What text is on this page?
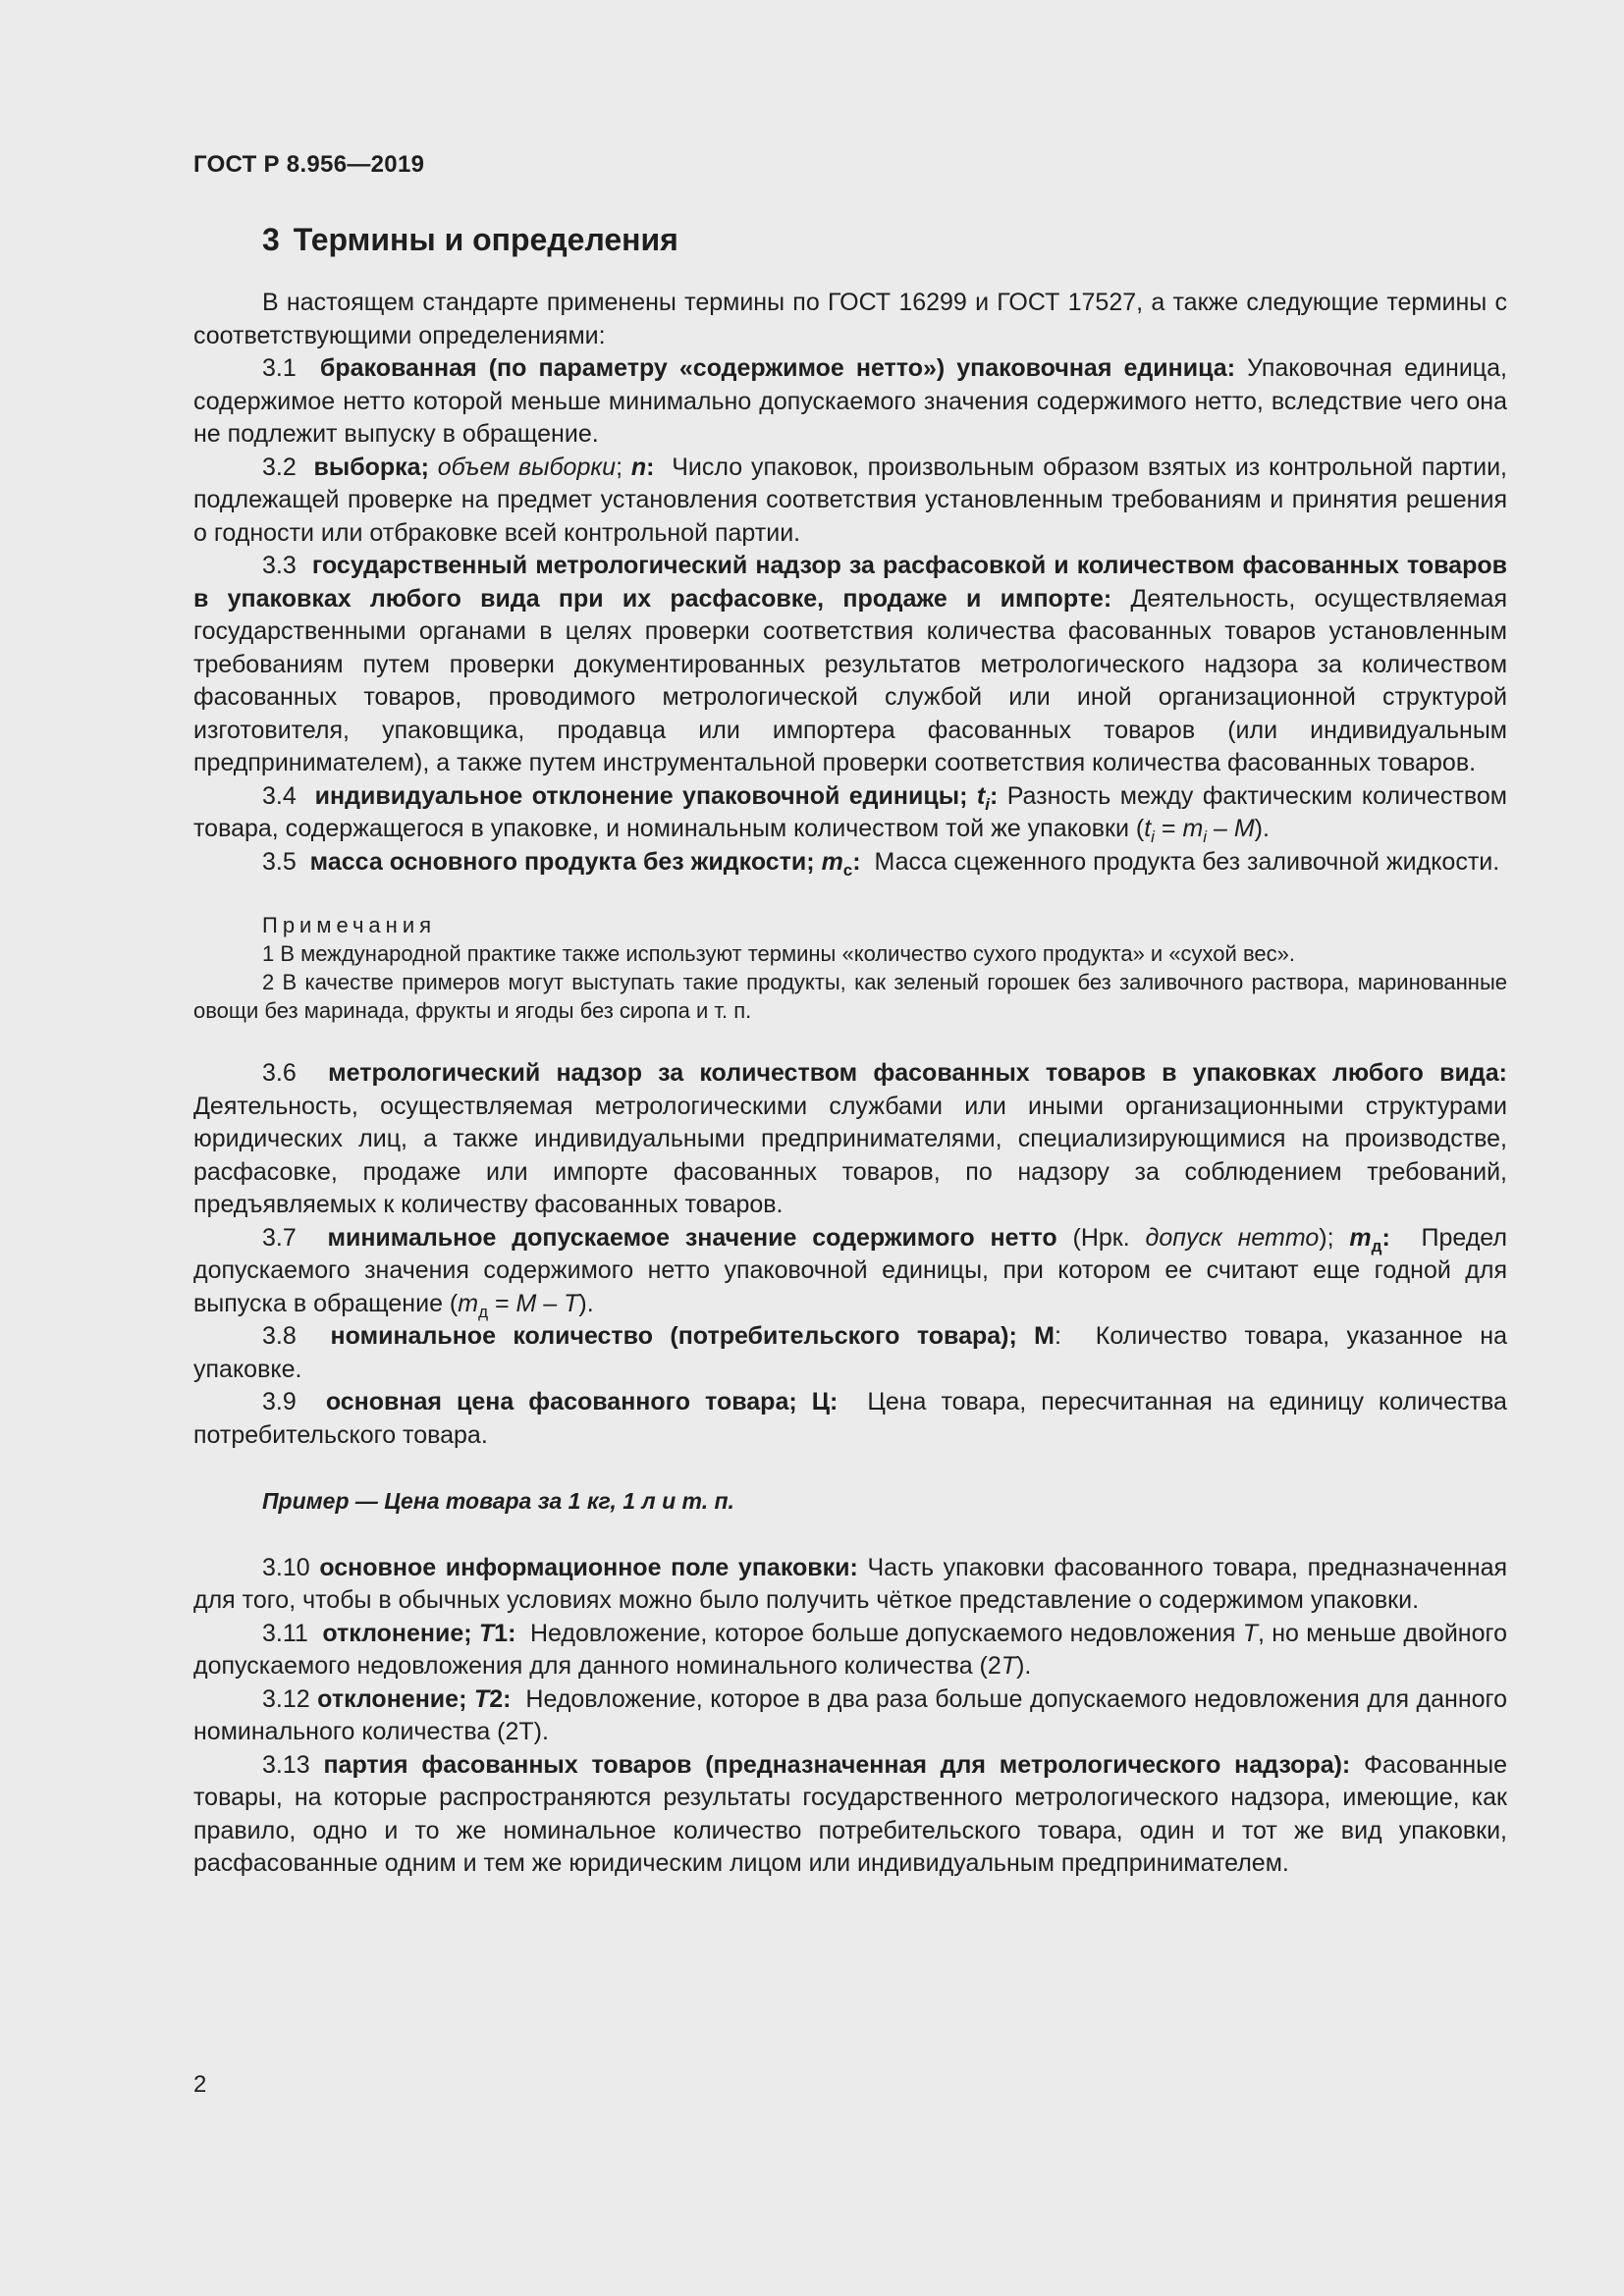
ГОСТ Р 8.956—2019
3 Термины и определения

В настоящем стандарте применены термины по ГОСТ 16299 и ГОСТ 17527, а также следующие термины с соответствующими определениями:

3.1 бракованная (по параметру «содержимое нетто») упаковочная единица: Упаковочная единица, содержимое нетто которой меньше минимально допускаемого значения содержимого нетто, вследствие чего она не подлежит выпуску в обращение.

3.2 выборка; объем выборки; n: Число упаковок, произвольным образом взятых из контрольной партии, подлежащей проверке на предмет установления соответствия установленным требованиям и принятия решения о годности или отбраковке всей контрольной партии.

3.3 государственный метрологический надзор за расфасовкой и количеством фасованных товаров в упаковках любого вида при их расфасовке, продаже и импорте: Деятельность, осуществляемая государственными органами в целях проверки соответствия количества фасованных товаров установленным требованиям путем проверки документированных результатов метрологического надзора за количеством фасованных товаров, проводимого метрологической службой или иной организационной структурой изготовителя, упаковщика, продавца или импортера фасованных товаров (или индивидуальным предпринимателем), а также путем инструментальной проверки соответствия количества фасованных товаров.

3.4 индивидуальное отклонение упаковочной единицы; $t_i$: Разность между фактическим количеством товара, содержащегося в упаковке, и номинальным количеством той же упаковки $(t_i = m_i - M)$.

3.5 масса основного продукта без жидкости; $m_c$: Масса сцеженного продукта без заливочной жидкости.

Примечания

1 В международной практике также используют термины «количество сухого продукта» и «сухой вес».

2 В качестве примеров могут выступать такие продукты, как зеленый горошек без заливочного раствора, маринованные овощи без маринада, фрукты и ягоды без сиропа и т. п.

3.6 метрологический надзор за количеством фасованных товаров в упаковках любого вида: Деятельность, осуществляемая метрологическими службами или иными организационными структурами юридических лиц, а также индивидуальными предпринимателями, специализирующимися на производстве, расфасовке, продаже или импорте фасованных товаров, по надзору за соблюдением требований, предъявляемых к количеству фасованных товаров.

3.7 минимальное допускаемое значение содержимого нетто (Нрк. допуск нетто); $m_д$: Предел допускаемого значения содержимого нетто упаковочной единицы, при котором ее считают еще годной для выпуска в обращение $(m_д = M - T)$.

3.8 номинальное количество (потребительского товара); М: Количество товара, указанное на упаковке.

3.9 основная цена фасованного товара; Ц: Цена товара, пересчитанная на единицу количества потребительского товара.

Пример — Цена товара за 1 кг, 1 л и т. п.

3.10 основное информационное поле упаковки: Часть упаковки фасованного товара, предназначенная для того, чтобы в обычных условиях можно было получить чёткое представление о содержимом упаковки.

3.11 отклонение; Т1: Недовложение, которое больше допускаемого недовложения T, но меньше двойного допускаемого недовложения для данного номинального количества (2T).

3.12 отклонение; Т2: Недовложение, которое в два раза больше допускаемого недовложения для данного номинального количества (2T).

3.13 партия фасованных товаров (предназначенная для метрологического надзора): Фасованные товары, на которые распространяются результаты государственного метрологического надзора, имеющие, как правило, одно и то же номинальное количество потребительского товара, один и тот же вид упаковки, расфасованные одним и тем же юридическим лицом или индивидуальным предпринимателем.

2
